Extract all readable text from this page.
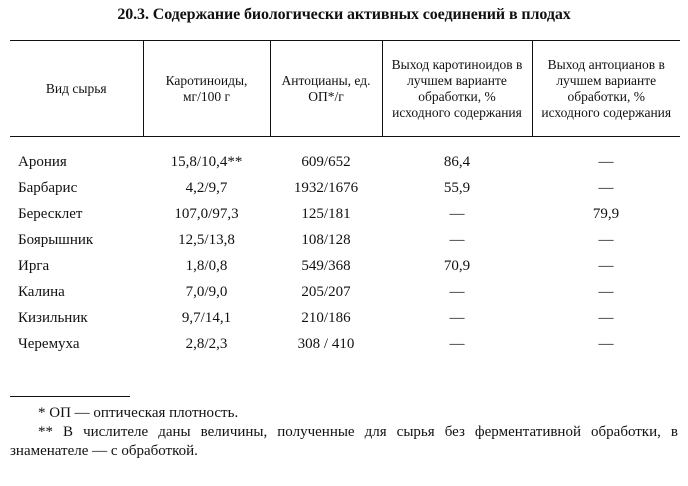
20.3. Содержание биологически активных соединений в плодах
Вид сырья	Каротиноиды, мг/100 г	Антоцианы, ед. ОП*/г	Выход каротиноидов в лучшем варианте обработки, % исходного содержания	Выход антоцианов в лучшем варианте обработки, % исходного содержания
Арония	15,8/10,4**	609/652	86,4	—
Барбарис	4,2/9,7	1932/1676	55,9	—
Бересклет	107,0/97,3	125/181	—	79,9
Боярышник	12,5/13,8	108/128	—	—
Ирга	1,8/0,8	549/368	70,9	—
Калина	7,0/9,0	205/207	—	—
Кизильник	9,7/14,1	210/186	—	—
Черемуха	2,8/2,3	308 / 410	—	—

* ОП — оптическая плотность.

** В числителе даны величины, полученные для сырья без ферментативной обработки, в знаменателе — с обработкой.
